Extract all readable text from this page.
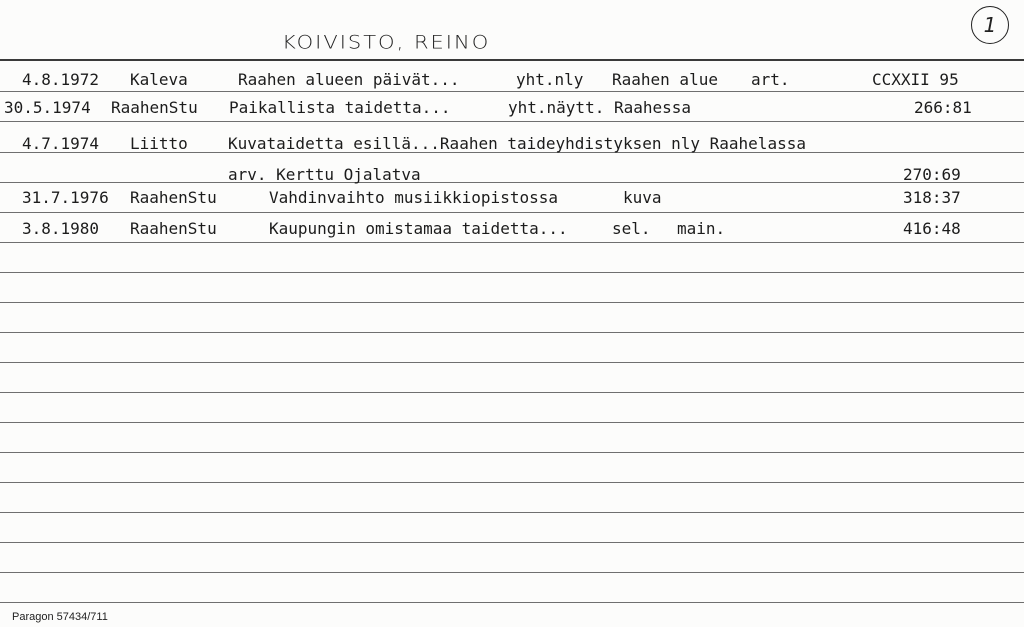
KOIVISTO, REINO
1
4.8.1972 Kaleva	Raahen alueen päivät...	yht.nly Raahen alue art.	CCXXII 95
30.5.1974 RaahenStu Paikallista taidetta...	yht.näytt. Raahessa	266:81
4.7.1974 Liitto	Kuvataidetta esillä...Raahen taideyhdistyksen nly Raahelassa
arv. Kerttu Ojalatva	270:69
31.7.1976 RaahenStu	Vahdinvaihto musiikkiopistossa	kuva	318:37
3.8.1980 RaahenStu	Kaupungin omistamaa taidetta...	sel. main.	416:48
Paragon 57434/711
